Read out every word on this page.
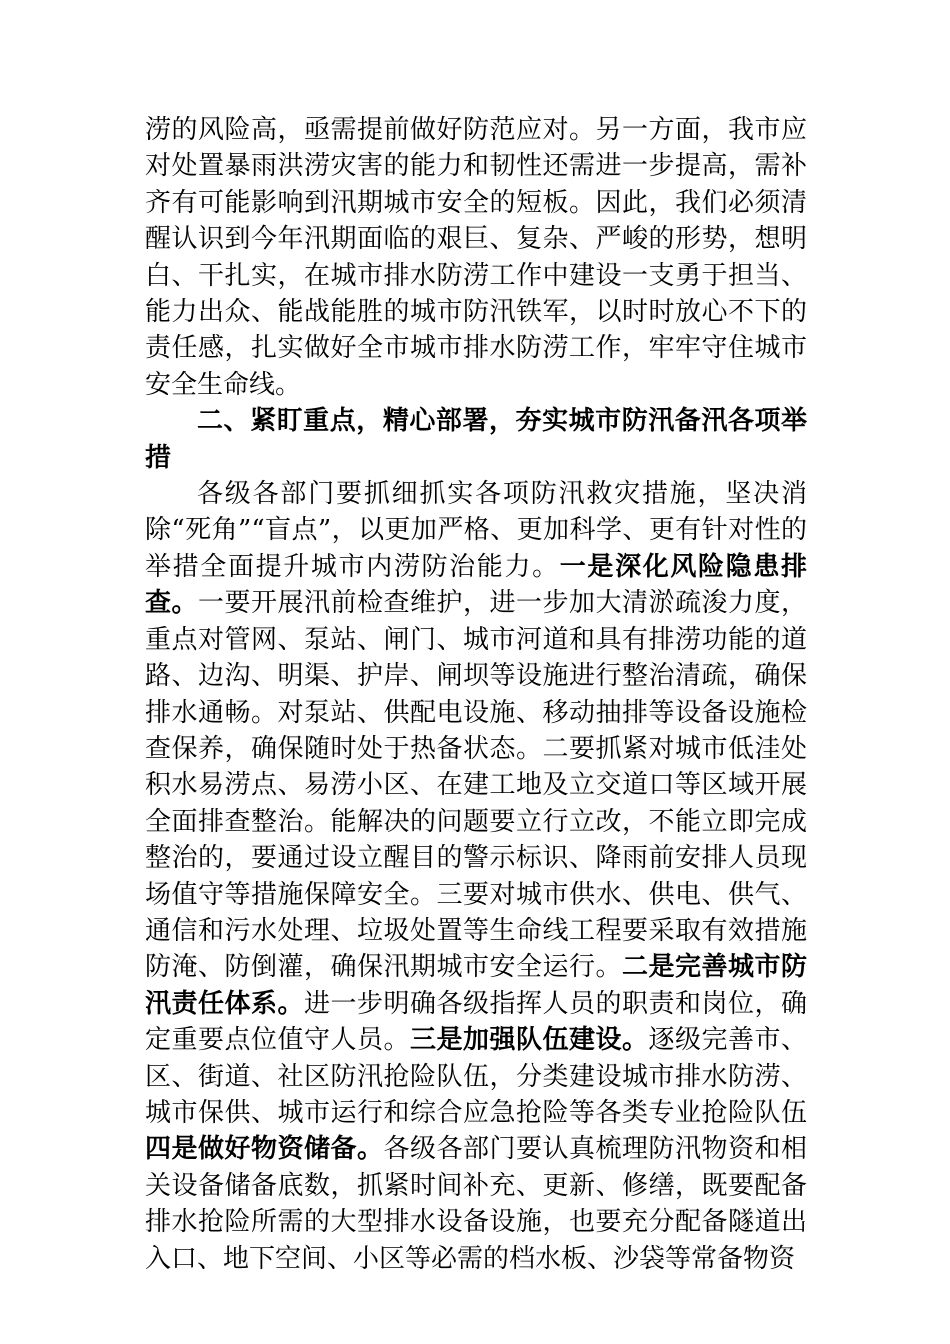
涝的风险高，亟需提前做好防范应对。另一方面，我市应对处置暴雨洪涝灾害的能力和韧性还需进一步提高，需补齐有可能影响到汛期城市安全的短板。因此，我们必须清醒认识到今年汛期面临的艰巨、复杂、严峻的形势，想明白、干扎实，在城市排水防涝工作中建设一支勇于担当、能力出众、能战能胜的城市防汛铁军，以时时放心不下的责任感，扎实做好全市城市排水防涝工作，牢牢守住城市安全生命线。

二、紧盯重点，精心部署，夯实城市防汛备汛各项举措

各级各部门要抓细抓实各项防汛救灾措施，坚决消除“死角”“盲点”，以更加严格、更加科学、更有针对性的举措全面提升城市内涝防治能力。一是深化风险隐患排查。一要开展汛前检查维护，进一步加大清淤疏浚力度，重点对管网、泵站、闸门、城市河道和具有排涝功能的道路、边沟、明渠、护岸、闸坝等设施进行整治清疏，确保排水通畅。对泵站、供配电设施、移动抽排等设备设施检查保养，确保随时处于热备状态。二要抓紧对城市低洼处积水易涝点、易涝小区、在建工地及立交道口等区域开展全面排查整治。能解决的问题要立行立改，不能立即完成整治的，要通过设立醒目的警示标识、降雨前安排人员现场值守等措施保障安全。三要对城市供水、供电、供气、通信和污水处理、垃圾处置等生命线工程要采取有效措施防淹、防倒灌，确保汛期城市安全运行。二是完善城市防汛责任体系。进一步明确各级指挥人员的职责和岗位，确定重要点位值守人员。三是加强队伍建设。逐级完善市、区、街道、社区防汛抢险队伍，分类建设城市排水防涝、城市保供、城市运行和综合应急抢险等各类专业抢险队伍四是做好物资储备。各级各部门要认真梳理防汛物资和相关设备储备底数，抓紧时间补充、更新、修缮，既要配备排水抢险所需的大型排水设备设施，也要充分配备隧道出入口、地下空间、小区等必需的档水板、沙袋等常备物资
